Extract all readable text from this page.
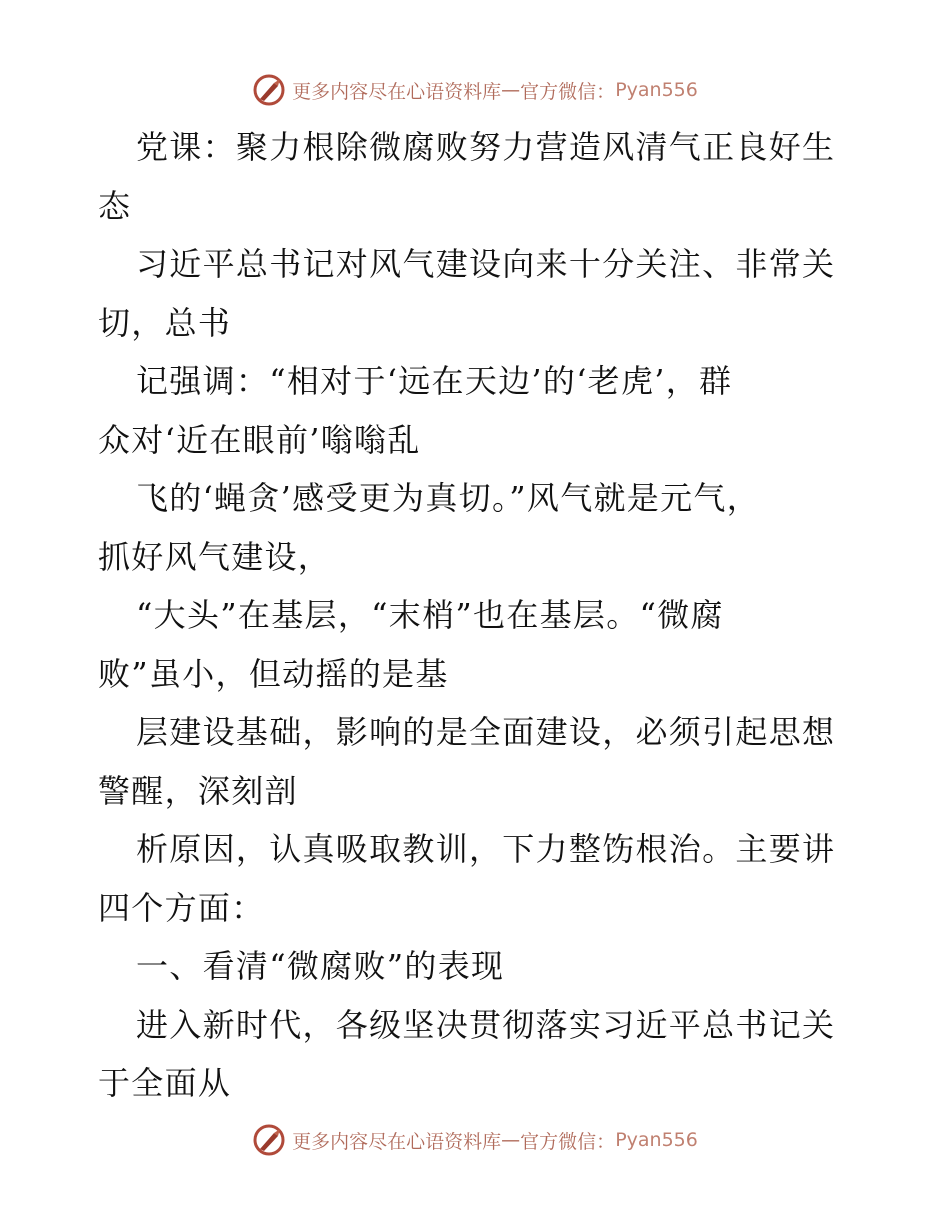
更多内容尽在心语资料库 — 官方微信： Pyan556
党课：聚力根除微腐败努力营造风清气正良好生
态
习近平总书记对风气建设向来十分关注、非常关
切，总书
记强调：“相对于‘远在天边’的‘老虎’，群
众对‘近在眼前’嗡嗡乱
飞的‘蝇贪’感受更为真切。”风气就是元气，
抓好风气建设，
“大头”在基层，“末梢”也在基层。“微腐
败”虽小，但动摇的是基
层建设基础，影响的是全面建设，必须引起思想
警醒，深刻剖
析原因，认真吸取教训，下力整饬根治。主要讲
四个方面：
一、看清“微腐败”的表现
进入新时代，各级坚决贯彻落实习近平总书记关
于全面从
更多内容尽在心语资料库 — 官方微信： Pyan556
